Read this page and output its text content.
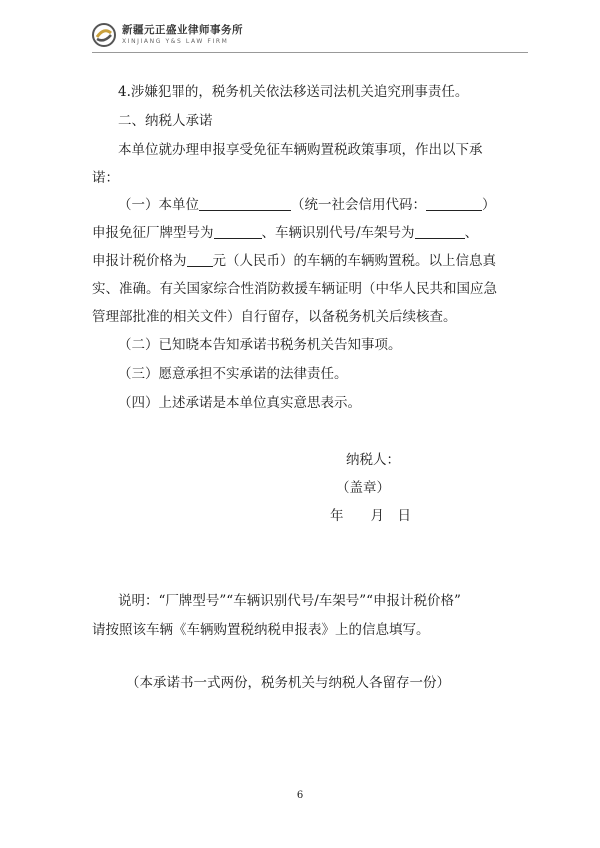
新疆元正盛业律师事务所
XINJIANG Y&S LAW FIRM
4.涉嫌犯罪的，税务机关依法移送司法机关追究刑事责任。
二、纳税人承诺
本单位就办理申报享受免征车辆购置税政策事项，作出以下承
诺：
（一）本单位	（统一社会信用代码：	）
申报免征厂牌型号为	、车辆识别代号/车架号为	、
申报计税价格为 元（人民币）的车辆的车辆购置税。以上信息真
实、准确。有关国家综合性消防救援车辆证明（中华人民共和国应急
管理部批准的相关文件）自行留存，以备税务机关后续核查。
（二）已知晓本告知承诺书税务机关告知事项。
（三）愿意承担不实承诺的法律责任。
（四）上述承诺是本单位真实意思表示。
纳税人：
（盖章）
年　　月　日
说明：“厂牌型号”“车辆识别代号/车架号”“申报计税价格”
请按照该车辆《车辆购置税纳税申报表》上的信息填写。
（本承诺书一式两份，税务机关与纳税人各留存一份）
6
